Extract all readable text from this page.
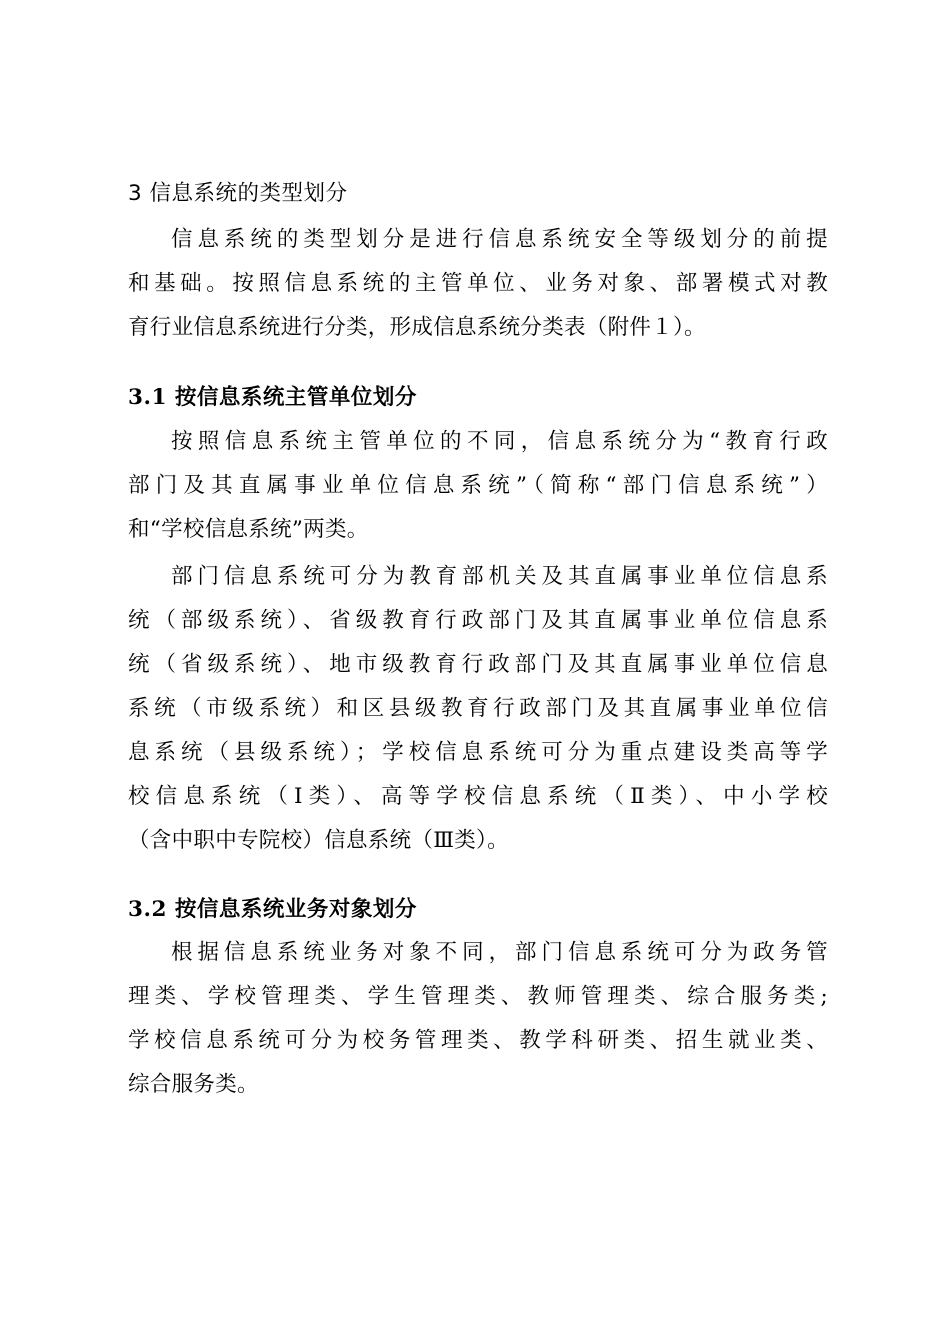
3 信息系统的类型划分
信息系统的类型划分是进行信息系统安全等级划分的前提
和基础。按照信息系统的主管单位、业务对象、部署模式对教
育行业信息系统进行分类，形成信息系统分类表（附件１）。
3.1 按信息系统主管单位划分
按照信息系统主管单位的不同，信息系统分为“教育行政
部门及其直属事业单位信息系统”（简称“部门信息系统”）
和“学校信息系统”两类。
部门信息系统可分为教育部机关及其直属事业单位信息系
统（部级系统）、省级教育行政部门及其直属事业单位信息系
统（省级系统）、地市级教育行政部门及其直属事业单位信息
系统（市级系统）和区县级教育行政部门及其直属事业单位信
息系统（县级系统）；学校信息系统可分为重点建设类高等学
校信息系统（Ⅰ类）、高等学校信息系统（Ⅱ类）、中小学校
（含中职中专院校）信息系统（Ⅲ类）。
3.2 按信息系统业务对象划分
根据信息系统业务对象不同，部门信息系统可分为政务管
理类、学校管理类、学生管理类、教师管理类、综合服务类;
学校信息系统可分为校务管理类、教学科研类、招生就业类、
综合服务类。
